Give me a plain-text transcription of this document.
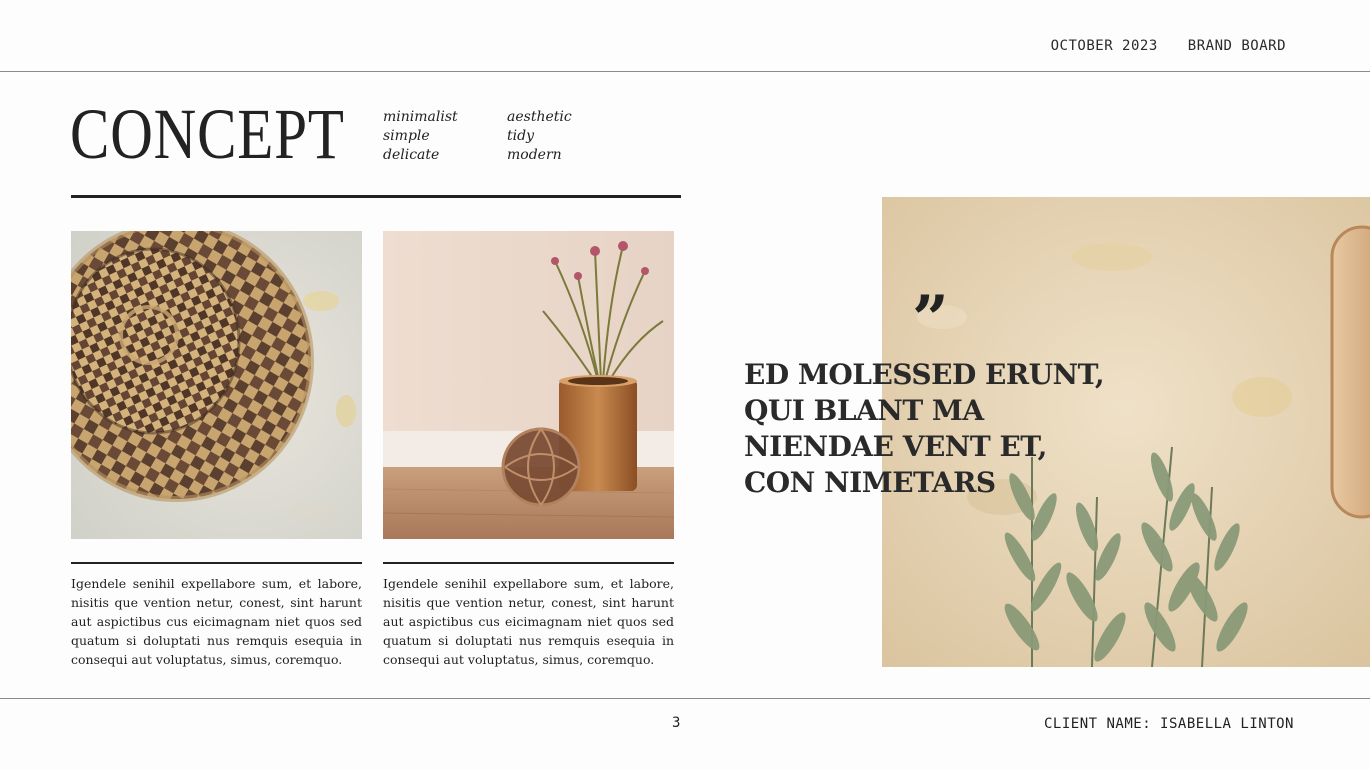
OCTOBER 2023 BRAND BOARD
CONCEPT	minimalist
simple
delicate
aesthetic
tidy
modern
Igendele senihil expellabore sum, et labore, nisitis que vention netur, conest, sint harunt aut aspictibus cus eicimagnam niet quos sed quatum si doluptati nus remquis esequia in consequi aut voluptatus, simus, coremquo.
Igendele senihil expellabore sum, et labore, nisitis que vention netur, conest, sint harunt aut aspictibus cus eicimagnam niet quos sed quatum si doluptati nus remquis esequia in consequi aut voluptatus, simus, coremquo.
”
ED MOLESSED ERUNT, QUI BLANT MA NIENDAE VENT ET, CON NIMETARS
3	CLIENT NAME: ISABELLA LINTON
